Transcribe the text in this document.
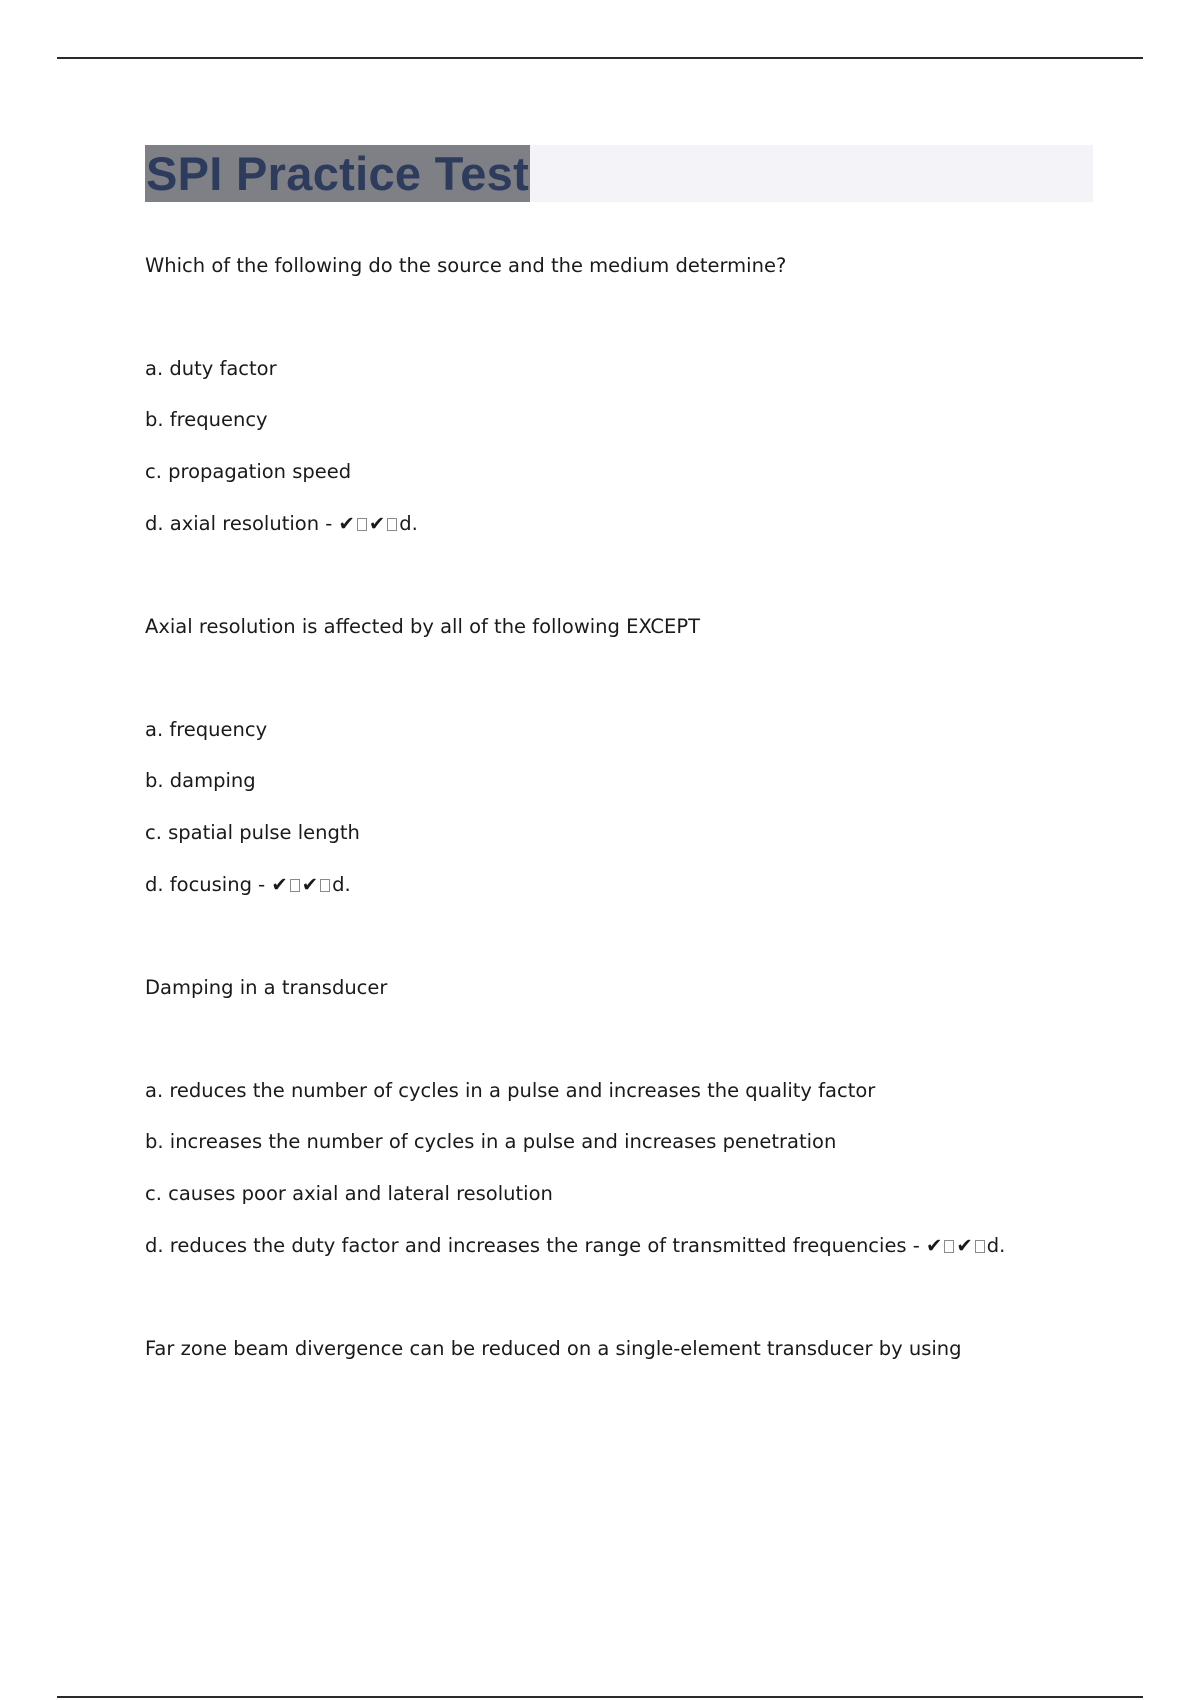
SPI Practice Test
Which of the following do the source and the medium determine?
a. duty factor
b. frequency
c. propagation speed
d. axial resolution - ✔ ✔ d.
Axial resolution is affected by all of the following EXCEPT
a. frequency
b. damping
c. spatial pulse length
d. focusing - ✔ ✔ d.
Damping in a transducer
a. reduces the number of cycles in a pulse and increases the quality factor
b. increases the number of cycles in a pulse and increases penetration
c. causes poor axial and lateral resolution
d. reduces the duty factor and increases the range of transmitted frequencies - ✔ ✔ d.
Far zone beam divergence can be reduced on a single-element transducer by using
